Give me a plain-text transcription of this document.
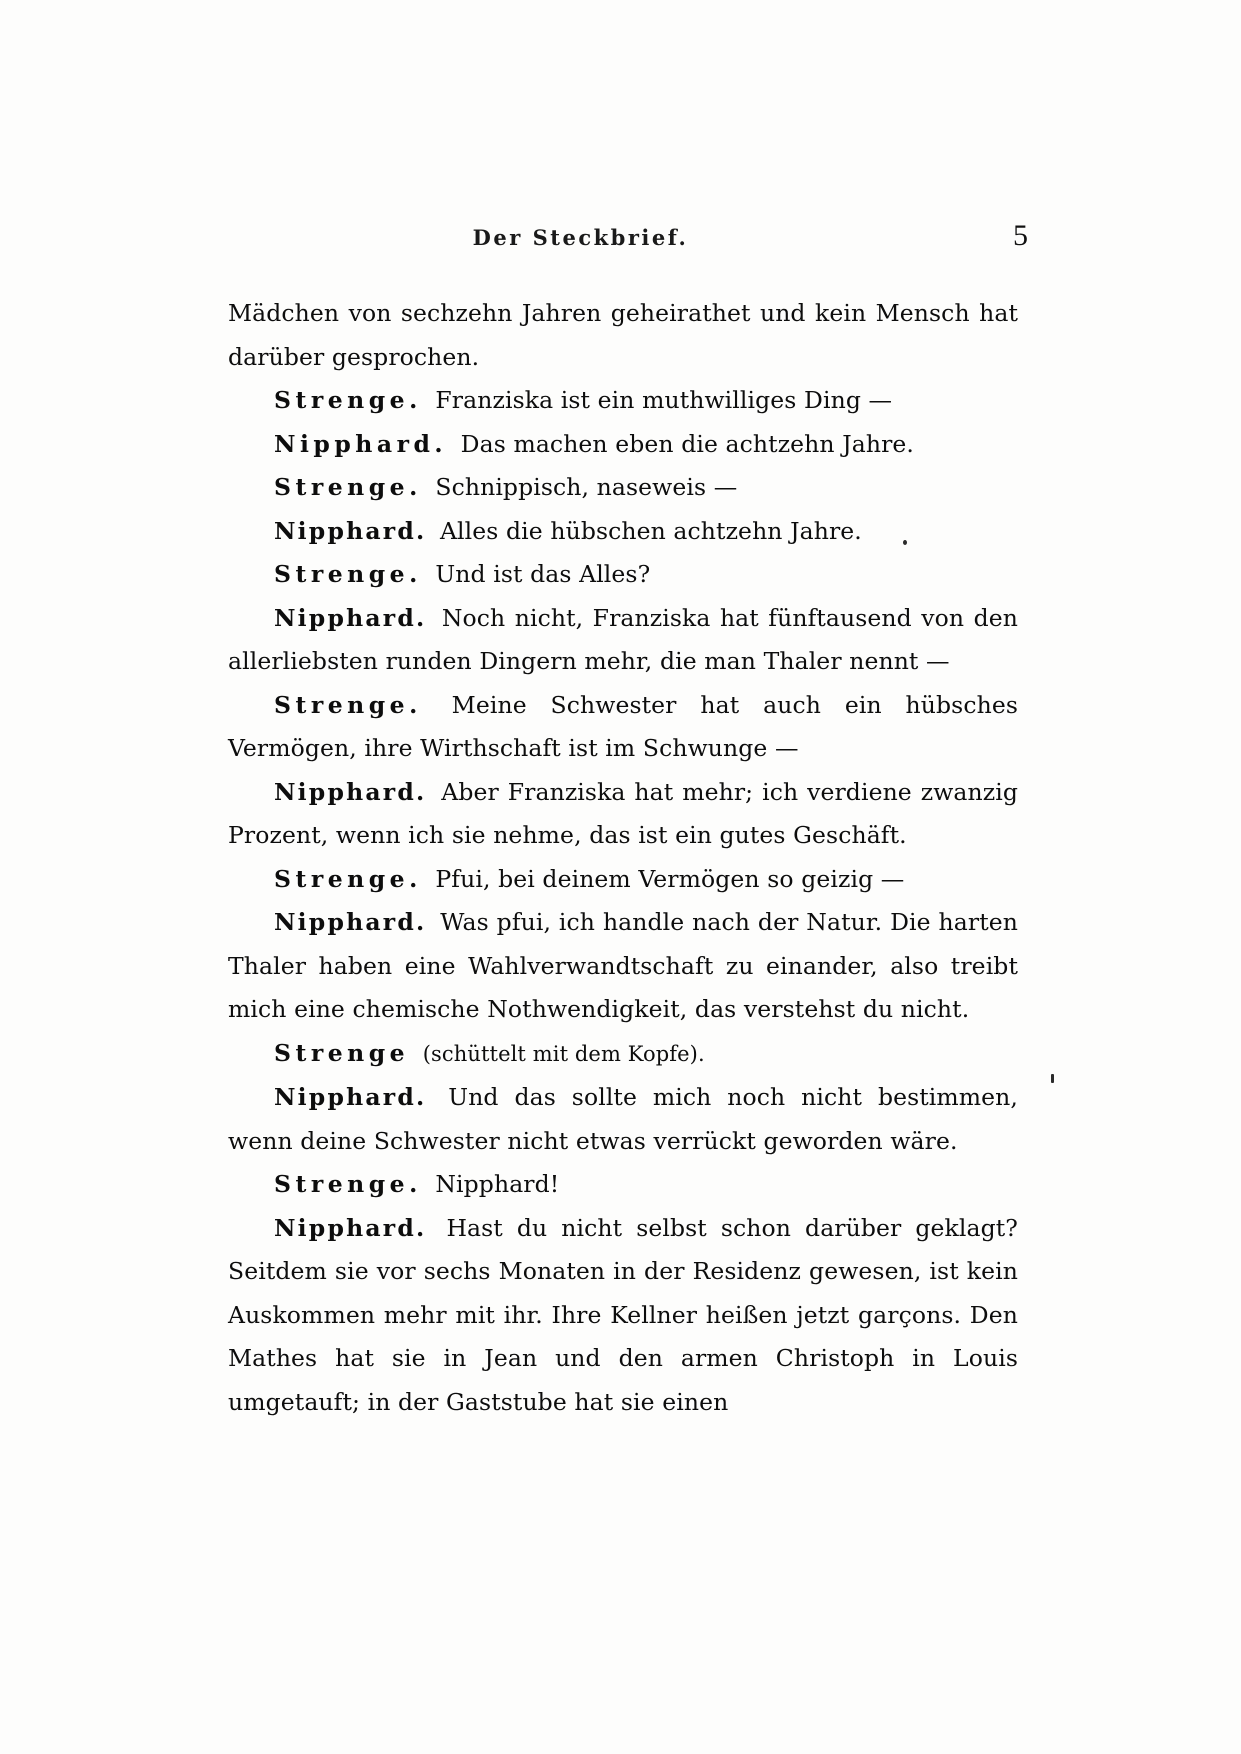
Der Steckbrief.	5

Mädchen von sechzehn Jahren geheirathet und kein Mensch hat darüber gesprochen.

Strenge. Franziska ist ein muthwilliges Ding —

Nipphard. Das machen eben die achtzehn Jahre.

Strenge. Schnippisch, naseweis —

Nipphard. Alles die hübschen achtzehn Jahre.

Strenge. Und ist das Alles?

Nipphard. Noch nicht, Franziska hat fünftausend von den allerliebsten runden Dingern mehr, die man Thaler nennt —

Strenge. Meine Schwester hat auch ein hübsches Vermögen, ihre Wirthschaft ist im Schwunge —

Nipphard. Aber Franziska hat mehr; ich verdiene zwanzig Prozent, wenn ich sie nehme, das ist ein gutes Geschäft.

Strenge. Pfui, bei deinem Vermögen so geizig —

Nipphard. Was pfui, ich handle nach der Natur. Die harten Thaler haben eine Wahlverwandtschaft zu einander, also treibt mich eine chemische Nothwendigkeit, das verstehst du nicht.

Strenge (schüttelt mit dem Kopfe).

Nipphard. Und das sollte mich noch nicht bestimmen, wenn deine Schwester nicht etwas verrückt geworden wäre.

Strenge. Nipphard!

Nipphard. Hast du nicht selbst schon darüber geklagt? Seitdem sie vor sechs Monaten in der Residenz gewesen, ist kein Auskommen mehr mit ihr. Ihre Kellner heißen jetzt garçons. Den Mathes hat sie in Jean und den armen Christoph in Louis umgetauft; in der Gaststube hat sie einen
